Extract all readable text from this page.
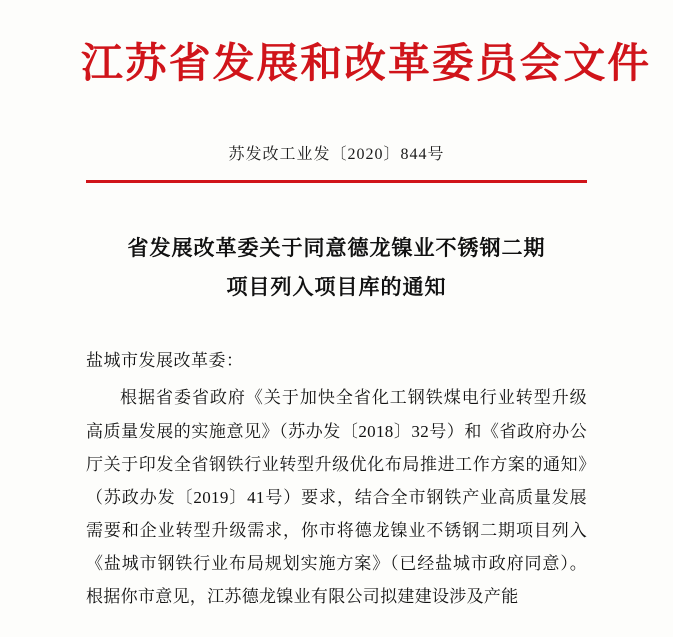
江苏省发展和改革委员会文件
苏发改工业发〔2020〕844号
省发展改革委关于同意德龙镍业不锈钢二期
项目列入项目库的通知
盐城市发展改革委：
根据省委省政府《关于加快全省化工钢铁煤电行业转型升级高质量发展的实施意见》（苏办发〔2018〕32号）和《省政府办公厅关于印发全省钢铁行业转型升级优化布局推进工作方案的通知》（苏政办发〔2019〕41号）要求，结合全市钢铁产业高质量发展需要和企业转型升级需求，你市将德龙镍业不锈钢二期项目列入《盐城市钢铁行业布局规划实施方案》（已经盐城市政府同意）。根据你市意见，江苏德龙镍业有限公司拟建建设涉及产能
